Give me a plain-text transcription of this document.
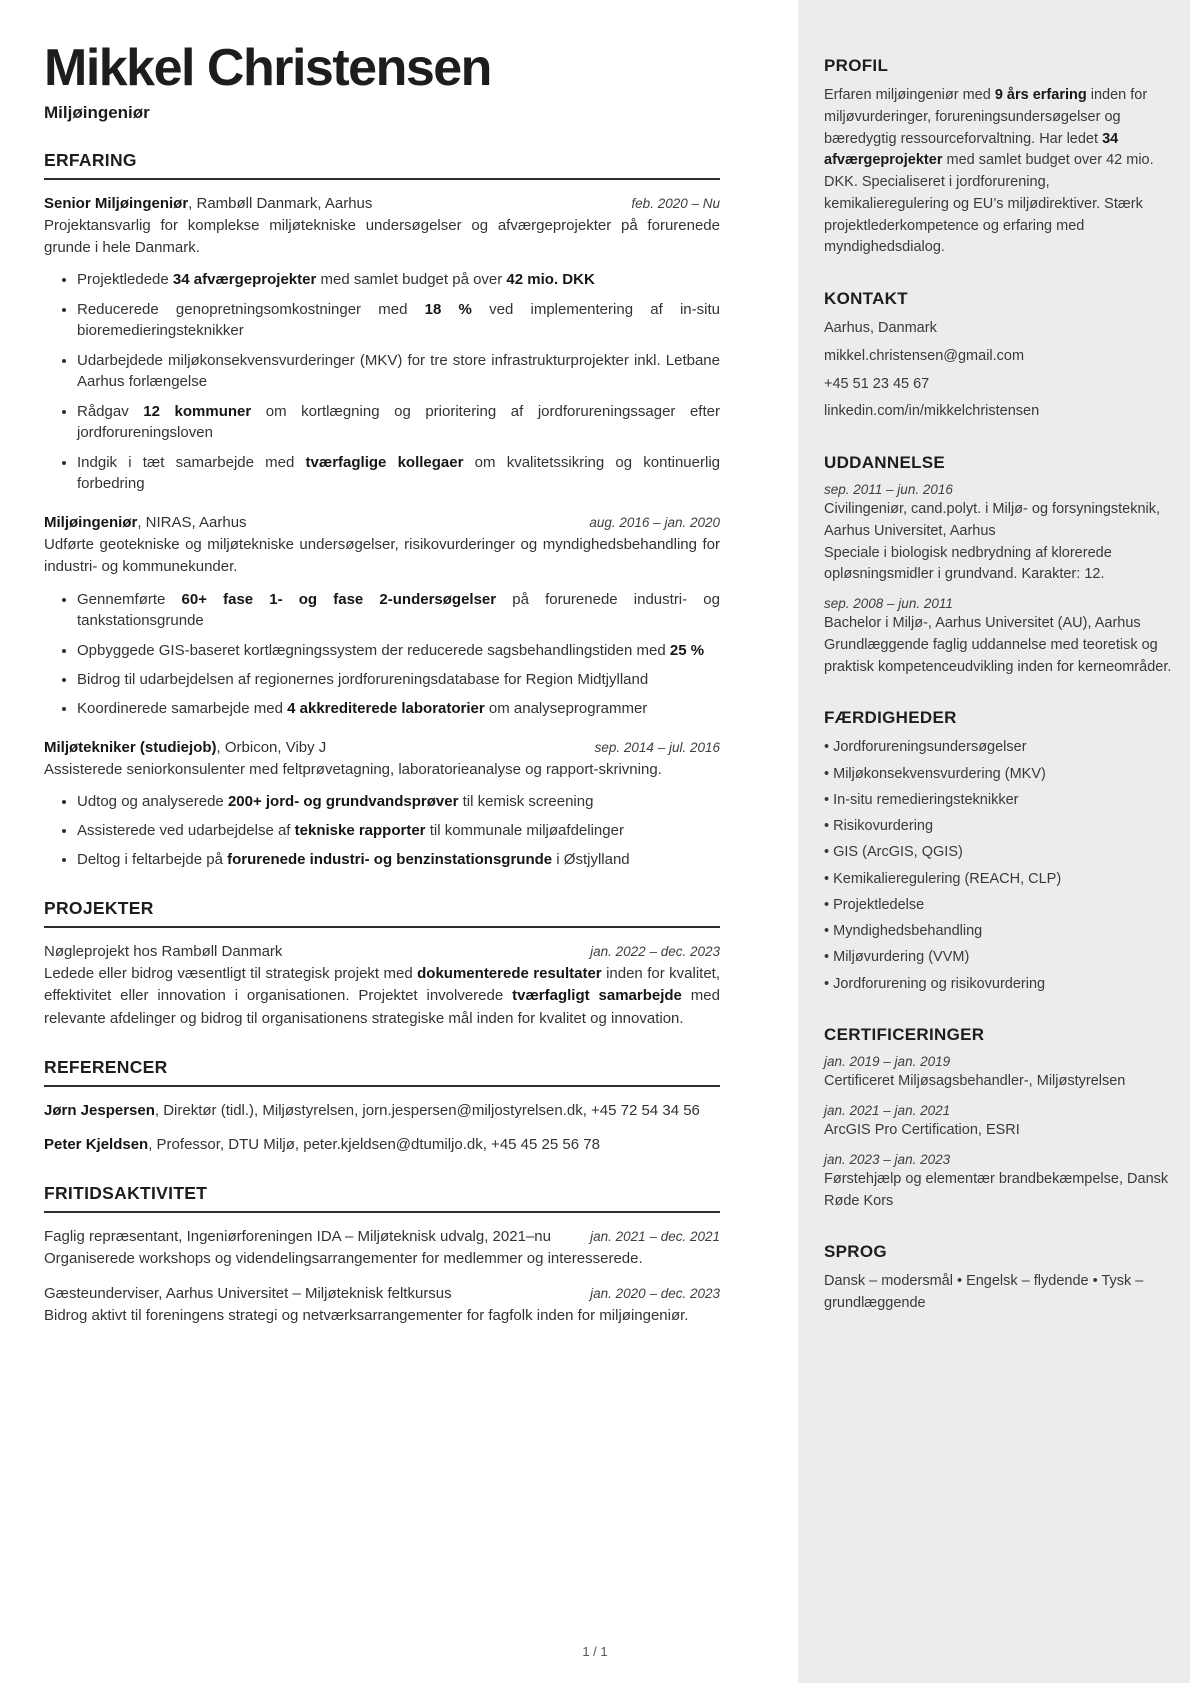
Mikkel Christensen
Miljøingeniør
ERFARING
Senior Miljøingeniør, Rambøll Danmark, Aarhus	feb. 2020 – Nu

Projektansvarlig for komplekse miljøtekniske undersøgelser og afværgeprojekter på forurenede grunde i hele Danmark.

• Projektledede 34 afværgeprojekter med samlet budget på over 42 mio. DKK
• Reducerede genopretningsomkostninger med 18 % ved implementering af in-situ bioremedieringsteknikker
• Udarbejdede miljøkonsekvensvurderinger (MKV) for tre store infrastrukturprojekter inkl. Letbane Aarhus forlængelse
• Rådgav 12 kommuner om kortlægning og prioritering af jordforureningssager efter jordforureningsloven
• Indgik i tæt samarbejde med tværfaglige kollegaer om kvalitetssikring og kontinuerlig forbedring
Miljøingeniør, NIRAS, Aarhus	aug. 2016 – jan. 2020

Udførte geotekniske og miljøtekniske undersøgelser, risikovurderinger og myndighedsbehandling for industri- og kommunekunder.

• Gennemførte 60+ fase 1- og fase 2-undersøgelser på forurenede industri- og tankstationsgrunde
• Opbyggede GIS-baseret kortlægningssystem der reducerede sagsbehandlingstiden med 25 %
• Bidrog til udarbejdelsen af regionernes jordforureningsdatabase for Region Midtjylland
• Koordinerede samarbejde med 4 akkrediterede laboratorier om analyseprogrammer
Miljøtekniker (studiejob), Orbicon, Viby J	sep. 2014 – jul. 2016

Assisterede seniorkonsulenter med feltprøvetagning, laboratorieanalyse og rapport-skrivning.

• Udtog og analyserede 200+ jord- og grundvandsprøver til kemisk screening
• Assisterede ved udarbejdelse af tekniske rapporter til kommunale miljøafdelinger
• Deltog i feltarbejde på forurenede industri- og benzinstationsgrunde i Østjylland
PROJEKTER
Nøgleprojekt hos Rambøll Danmark	jan. 2022 – dec. 2023

Ledede eller bidrog væsentligt til strategisk projekt med dokumenterede resultater inden for kvalitet, effektivitet eller innovation i organisationen. Projektet involverede tværfagligt samarbejde med relevante afdelinger og bidrog til organisationens strategiske mål inden for kvalitet og innovation.

REFERENCER

Jørn Jespersen, Direktør (tidl.), Miljøstyrelsen, jorn.jespersen@miljostyrelsen.dk, +45 72 54 34 56

Peter Kjeldsen, Professor, DTU Miljø, peter.kjeldsen@dtumiljo.dk, +45 45 25 56 78

FRITIDSAKTIVITET
Faglig repræsentant, Ingeniørforeningen IDA – Miljøteknisk udvalg, 2021–nu	jan. 2021 – dec. 2021

Organiserede workshops og videndelingsarrangementer for medlemmer og interesserede.

Gæsteunderviser, Aarhus Universitet – Miljøteknisk feltkursus	jan. 2020 – dec. 2023

Bidrog aktivt til foreningens strategi og netværksarrangementer for fagfolk inden for miljøingeniør.

PROFIL

Erfaren miljøingeniør med 9 års erfaring inden for miljøvurderinger, forureningsundersøgelser og bæredygtig ressourceforvaltning. Har ledet 34 afværgeprojekter med samlet budget over 42 mio. DKK. Specialiseret i jordforurening, kemikalieregulering og EU’s miljødirektiver. Stærk projektlederkompetence og erfaring med myndighedsdialog.

KONTAKT
Aarhus, Danmark
mikkel.christensen@gmail.com
+45 51 23 45 67
linkedin.com/in/mikkelchristensen
UDDANNELSE
sep. 2011 – jun. 2016
Civilingeniør, cand.polyt. i Miljø- og forsyningsteknik, Aarhus Universitet, Aarhus

Speciale i biologisk nedbrydning af klorerede opløsningsmidler i grundvand. Karakter: 12.

sep. 2008 – jun. 2011
Bachelor i Miljø-, Aarhus Universitet (AU), Aarhus

Grundlæggende faglig uddannelse med teoretisk og praktisk kompetenceudvikling inden for kerneområder.

FÆRDIGHEDER
• Jordforureningsundersøgelser
• Miljøkonsekvensvurdering (MKV)
• In-situ remedieringsteknikker
• Risikovurdering
• GIS (ArcGIS, QGIS)
• Kemikalieregulering (REACH, CLP)
• Projektledelse
• Myndighedsbehandling
• Miljøvurdering (VVM)
• Jordforurening og risikovurdering
CERTIFICERINGER
jan. 2019 – jan. 2019
Certificeret Miljøsagsbehandler-, Miljøstyrelsen
jan. 2021 – jan. 2021
ArcGIS Pro Certification, ESRI
jan. 2023 – jan. 2023
Førstehjælp og elementær brandbekæmpelse, Dansk Røde Kors
SPROG

Dansk – modersmål • Engelsk – flydende • Tysk – grundlæggende

1 / 1
